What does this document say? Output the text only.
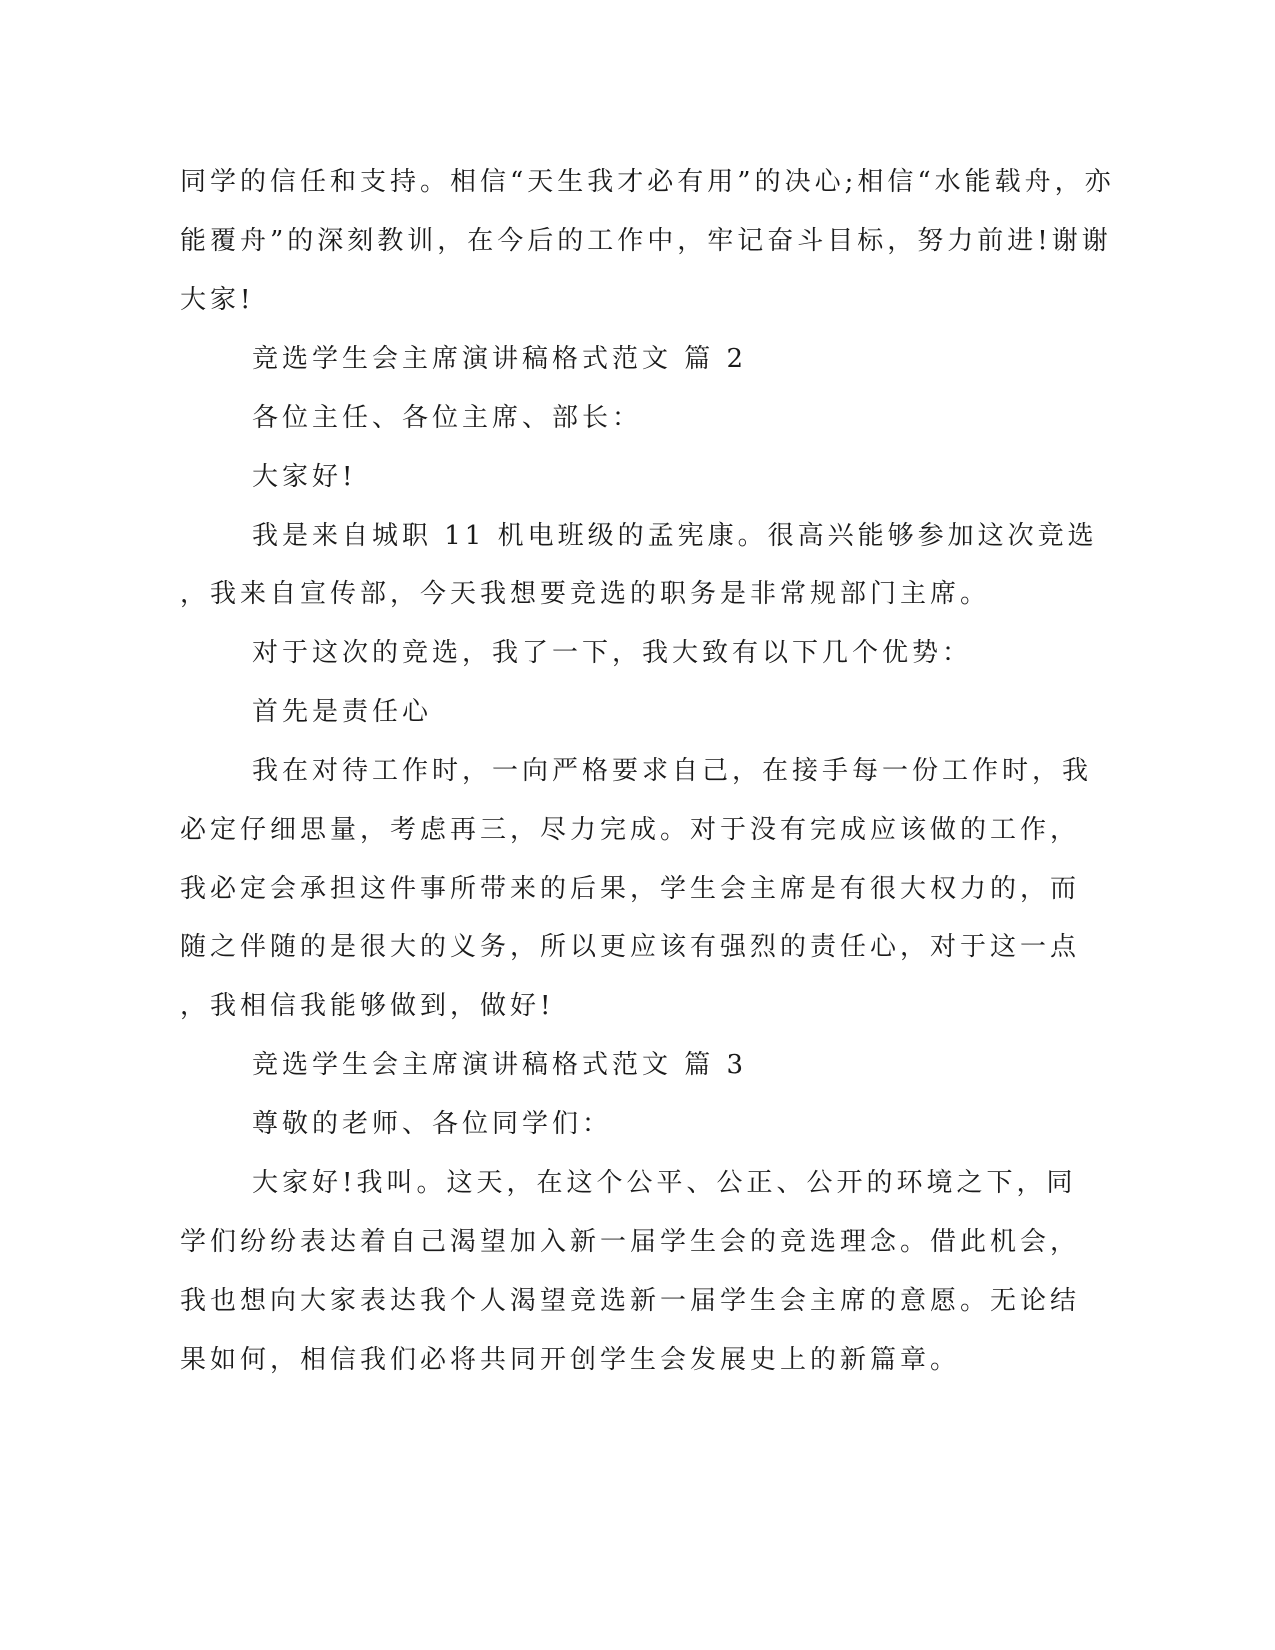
同学的信任和支持。相信“天生我才必有用”的决心;相信“水能载舟，亦
能覆舟”的深刻教训，在今后的工作中，牢记奋斗目标，努力前进!谢谢
大家!
竞选学生会主席演讲稿格式范文 篇 2
各位主任、各位主席、部长：
大家好!
我是来自城职 11 机电班级的孟宪康。很高兴能够参加这次竞选
，我来自宣传部，今天我想要竞选的职务是非常规部门主席。
对于这次的竞选，我了一下，我大致有以下几个优势：
首先是责任心
我在对待工作时，一向严格要求自己，在接手每一份工作时，我
必定仔细思量，考虑再三，尽力完成。对于没有完成应该做的工作，
我必定会承担这件事所带来的后果，学生会主席是有很大权力的，而
随之伴随的是很大的义务，所以更应该有强烈的责任心，对于这一点
，我相信我能够做到，做好!
竞选学生会主席演讲稿格式范文 篇 3
尊敬的老师、各位同学们：
大家好!我叫。这天，在这个公平、公正、公开的环境之下，同
学们纷纷表达着自己渴望加入新一届学生会的竞选理念。借此机会，
我也想向大家表达我个人渴望竞选新一届学生会主席的意愿。无论结
果如何，相信我们必将共同开创学生会发展史上的新篇章。
